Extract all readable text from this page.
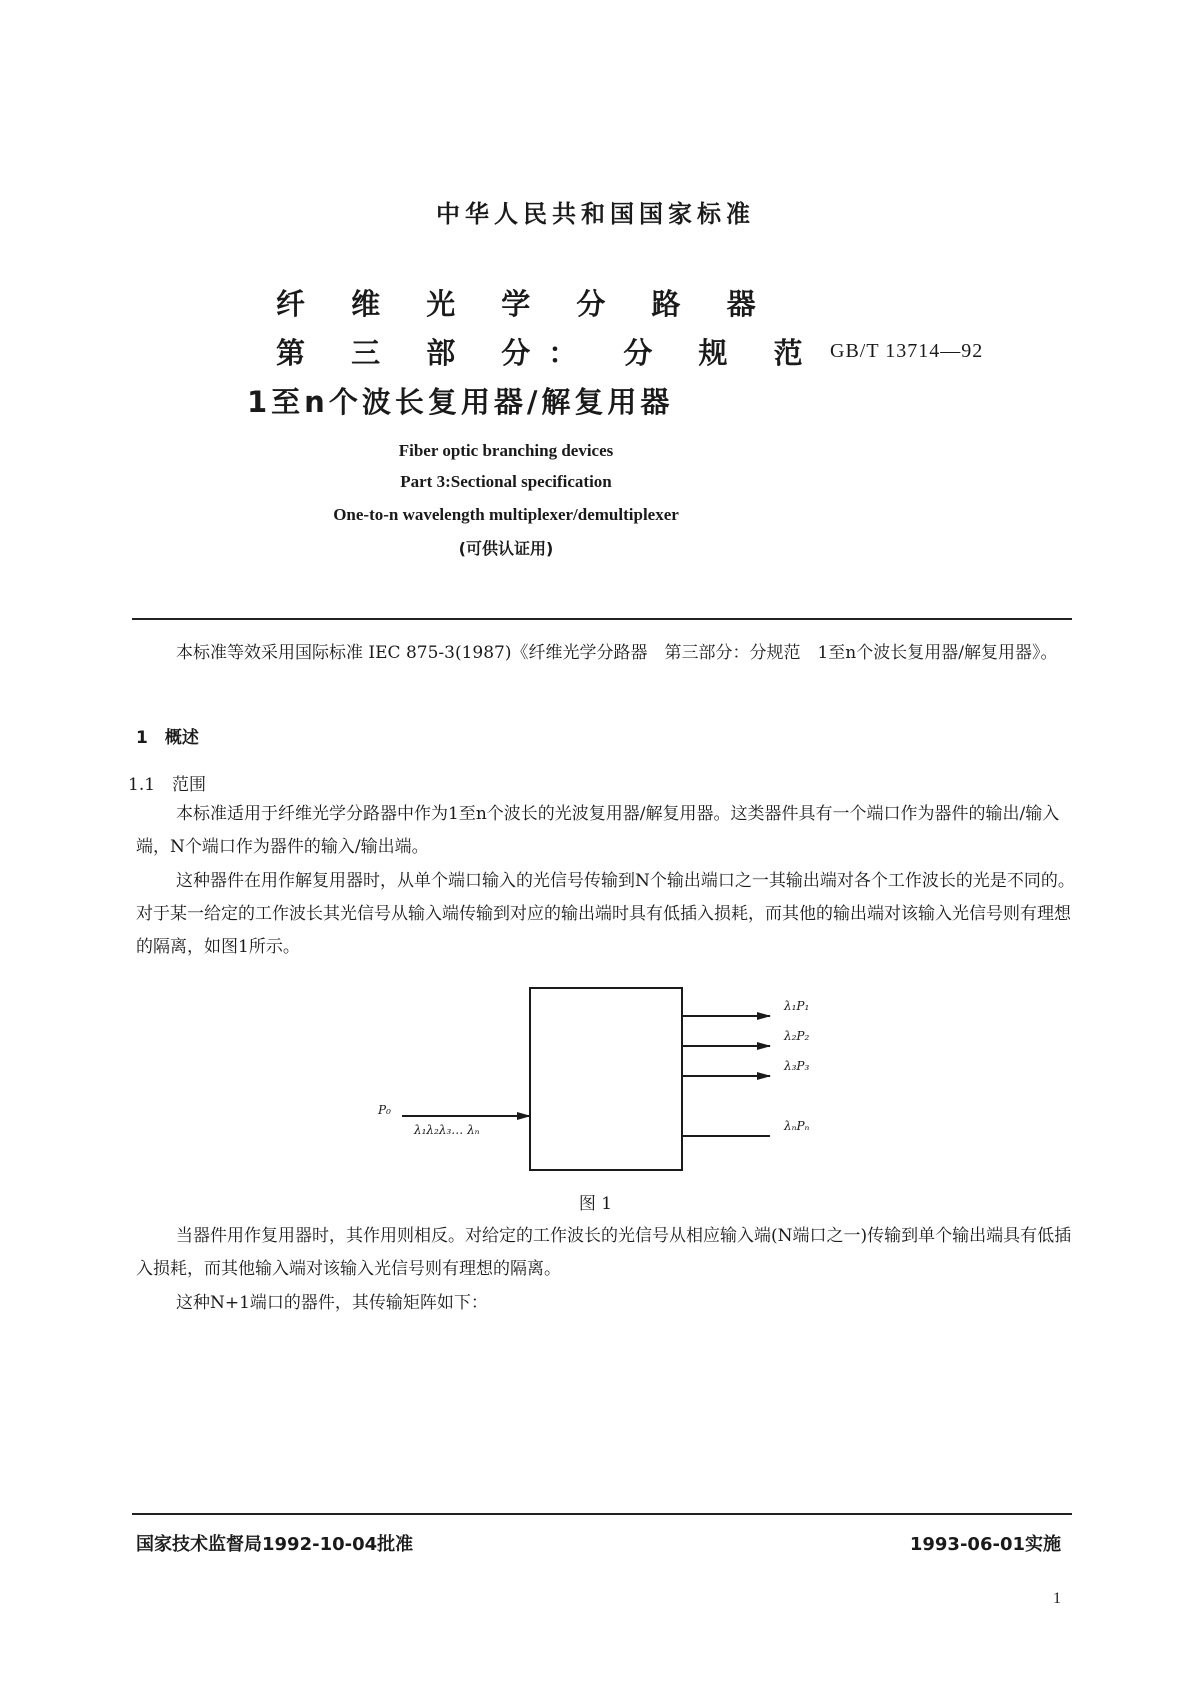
中华人民共和国国家标准
纤 维 光 学 分 路 器
第 三 部 分： 分 规 范
1至n个波长复用器/解复用器
GB/T 13714—92
Fiber optic branching devices
Part 3:Sectional specification
One-to-n wavelength multiplexer/demultiplexer
(可供认证用)
本标准等效采用国际标准 IEC 875-3(1987)《纤维光学分路器　第三部分：分规范　1至n个波长复用器/解复用器》。
1　概述
1.1　范围
本标准适用于纤维光学分路器中作为1至n个波长的光波复用器/解复用器。这类器件具有一个端口作为器件的输出/输入端，N个端口作为器件的输入/输出端。
这种器件在用作解复用器时，从单个端口输入的光信号传输到N个输出端口之一其输出端对各个工作波长的光是不同的。对于某一给定的工作波长其光信号从输入端传输到对应的输出端时具有低插入损耗，而其他的输出端对该输入光信号则有理想的隔离，如图1所示。
P₀
λ₁λ₂λ₃… λₙ
λ₁P₁
λ₂P₂
λ₃P₃
λₙPₙ
图 1
当器件用作复用器时，其作用则相反。对给定的工作波长的光信号从相应输入端(N端口之一)传输到单个输出端具有低插入损耗，而其他输入端对该输入光信号则有理想的隔离。
这种N+1端口的器件，其传输矩阵如下：
国家技术监督局1992-10-04批准	1993-06-01实施
1
